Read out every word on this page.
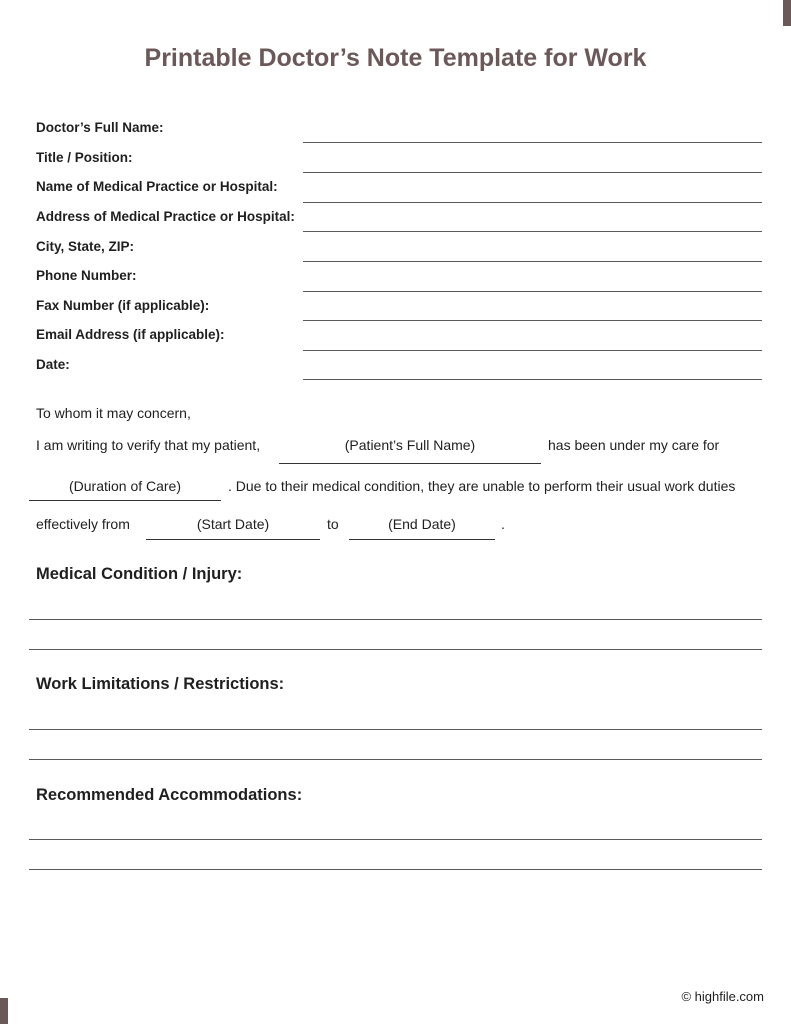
Printable Doctor’s Note Template for Work
Doctor’s Full Name:
Title / Position:
Name of Medical Practice or Hospital:
Address of Medical Practice or Hospital:
City, State, ZIP:
Phone Number:
Fax Number (if applicable):
Email Address (if applicable):
Date:
To whom it may concern,
I am writing to verify that my patient,	(Patient’s Full Name)	has been under my care for
(Duration of Care)	. Due to their medical condition, they are unable to perform their usual work duties
effectively from	(Start Date)	to	(End Date)	.
Medical Condition / Injury:
Work Limitations / Restrictions:
Recommended Accommodations:
© highfile.com
